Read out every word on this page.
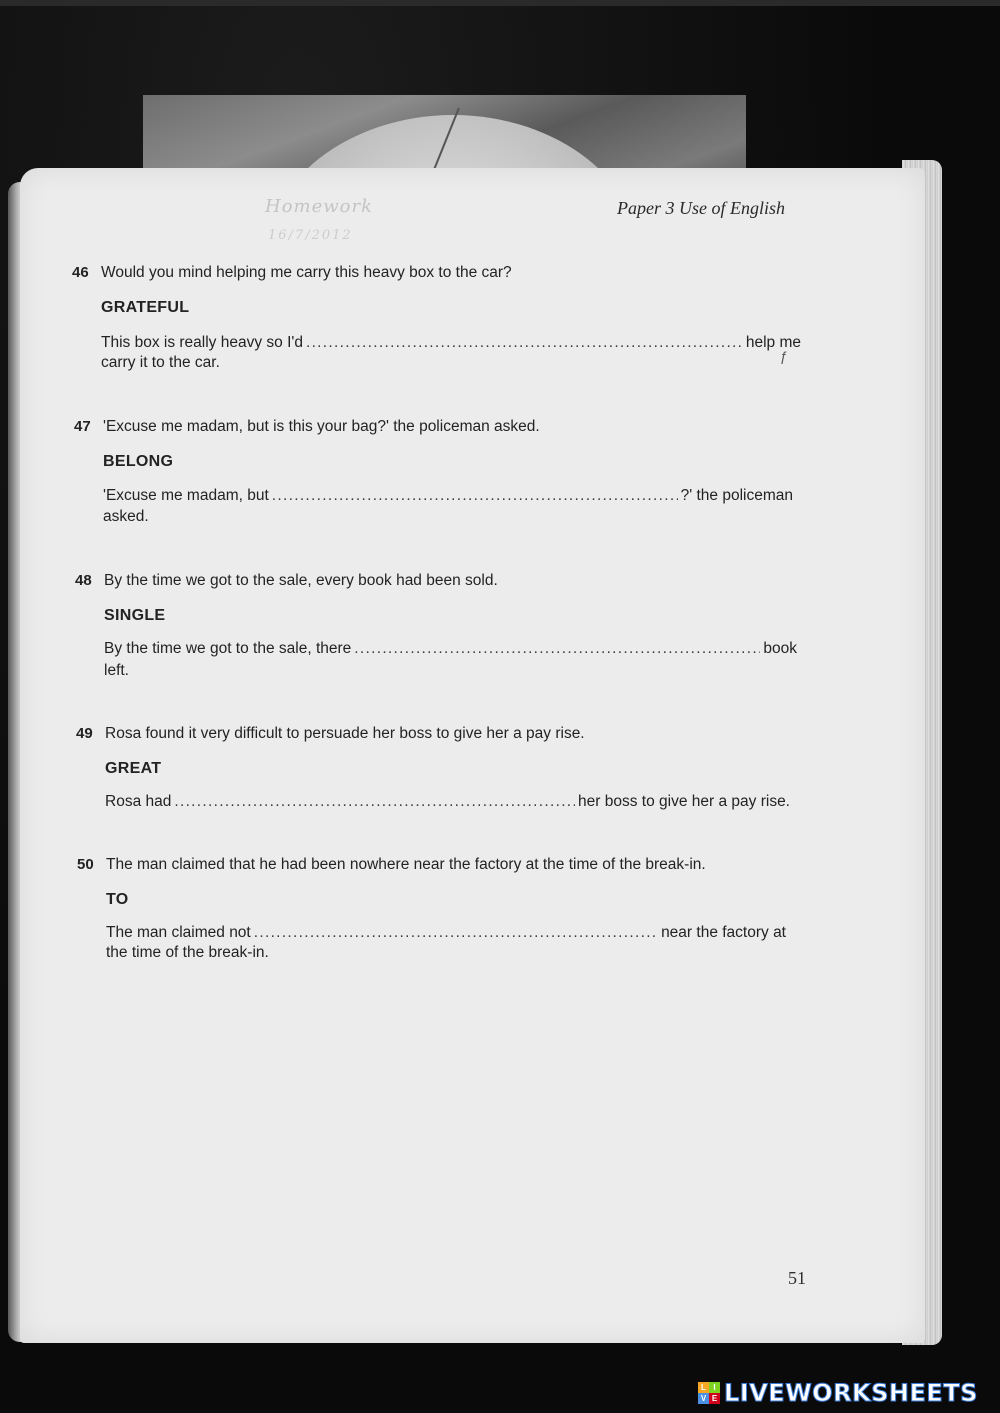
Homework
16/7/2012
Paper 3 Use of English
46 Would you mind helping me carry this heavy box to the car?
GRATEFUL
This box is really heavy so I'd .....	help me
carry it to the car.	ƒ
47 'Excuse me madam, but is this your bag?' the policeman asked.
BELONG
'Excuse me madam, but .....	?' the policeman
asked.
48 By the time we got to the sale, every book had been sold.
SINGLE
By the time we got to the sale, there .....	book
left.
49 Rosa found it very difficult to persuade her boss to give her a pay rise.
GREAT
Rosa had .....	her boss to give her a pay rise.
50 The man claimed that he had been nowhere near the factory at the time of the break-in.
TO
The man claimed not .....	near the factory at
the time of the break-in.
51
L I
V E LIVEWORKSHEETS
